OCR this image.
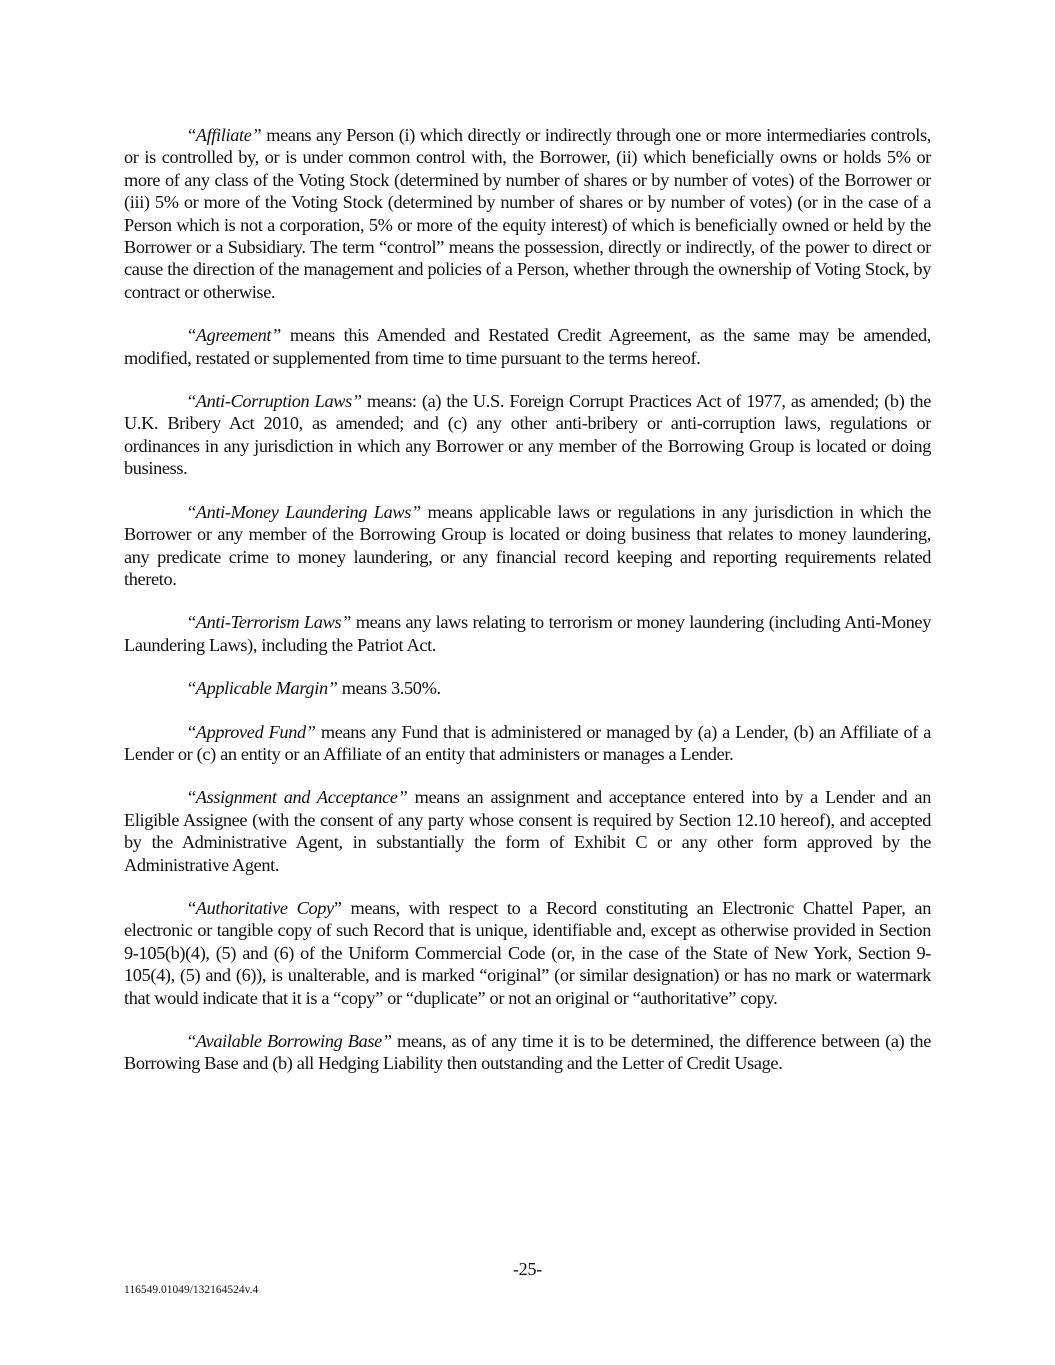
“Affiliate” means any Person (i) which directly or indirectly through one or more intermediaries controls, or is controlled by, or is under common control with, the Borrower, (ii) which beneficially owns or holds 5% or more of any class of the Voting Stock (determined by number of shares or by number of votes) of the Borrower or (iii) 5% or more of the Voting Stock (determined by number of shares or by number of votes) (or in the case of a Person which is not a corporation, 5% or more of the equity interest) of which is beneficially owned or held by the Borrower or a Subsidiary. The term “control” means the possession, directly or indirectly, of the power to direct or cause the direction of the management and policies of a Person, whether through the ownership of Voting Stock, by contract or otherwise.

“Agreement” means this Amended and Restated Credit Agreement, as the same may be amended, modified, restated or supplemented from time to time pursuant to the terms hereof.

“Anti-Corruption Laws” means: (a) the U.S. Foreign Corrupt Practices Act of 1977, as amended; (b) the U.K. Bribery Act 2010, as amended; and (c) any other anti-bribery or anti-corruption laws, regulations or ordinances in any jurisdiction in which any Borrower or any member of the Borrowing Group is located or doing business.

“Anti-Money Laundering Laws” means applicable laws or regulations in any jurisdiction in which the Borrower or any member of the Borrowing Group is located or doing business that relates to money laundering, any predicate crime to money laundering, or any financial record keeping and reporting requirements related thereto.

“Anti-Terrorism Laws” means any laws relating to terrorism or money laundering (including Anti-Money Laundering Laws), including the Patriot Act.

“Applicable Margin” means 3.50%.

“Approved Fund” means any Fund that is administered or managed by (a) a Lender, (b) an Affiliate of a Lender or (c) an entity or an Affiliate of an entity that administers or manages a Lender.

“Assignment and Acceptance” means an assignment and acceptance entered into by a Lender and an Eligible Assignee (with the consent of any party whose consent is required by Section 12.10 hereof), and accepted by the Administrative Agent, in substantially the form of Exhibit C or any other form approved by the Administrative Agent.

“Authoritative Copy” means, with respect to a Record constituting an Electronic Chattel Paper, an electronic or tangible copy of such Record that is unique, identifiable and, except as otherwise provided in Section 9-105(b)(4), (5) and (6) of the Uniform Commercial Code (or, in the case of the State of New York, Section 9-105(4), (5) and (6)), is unalterable, and is marked “original” (or similar designation) or has no mark or watermark that would indicate that it is a “copy” or “duplicate” or not an original or “authoritative” copy.

“Available Borrowing Base” means, as of any time it is to be determined, the difference between (a) the Borrowing Base and (b) all Hedging Liability then outstanding and the Letter of Credit Usage.

-25-
116549.01049/132164524v.4
